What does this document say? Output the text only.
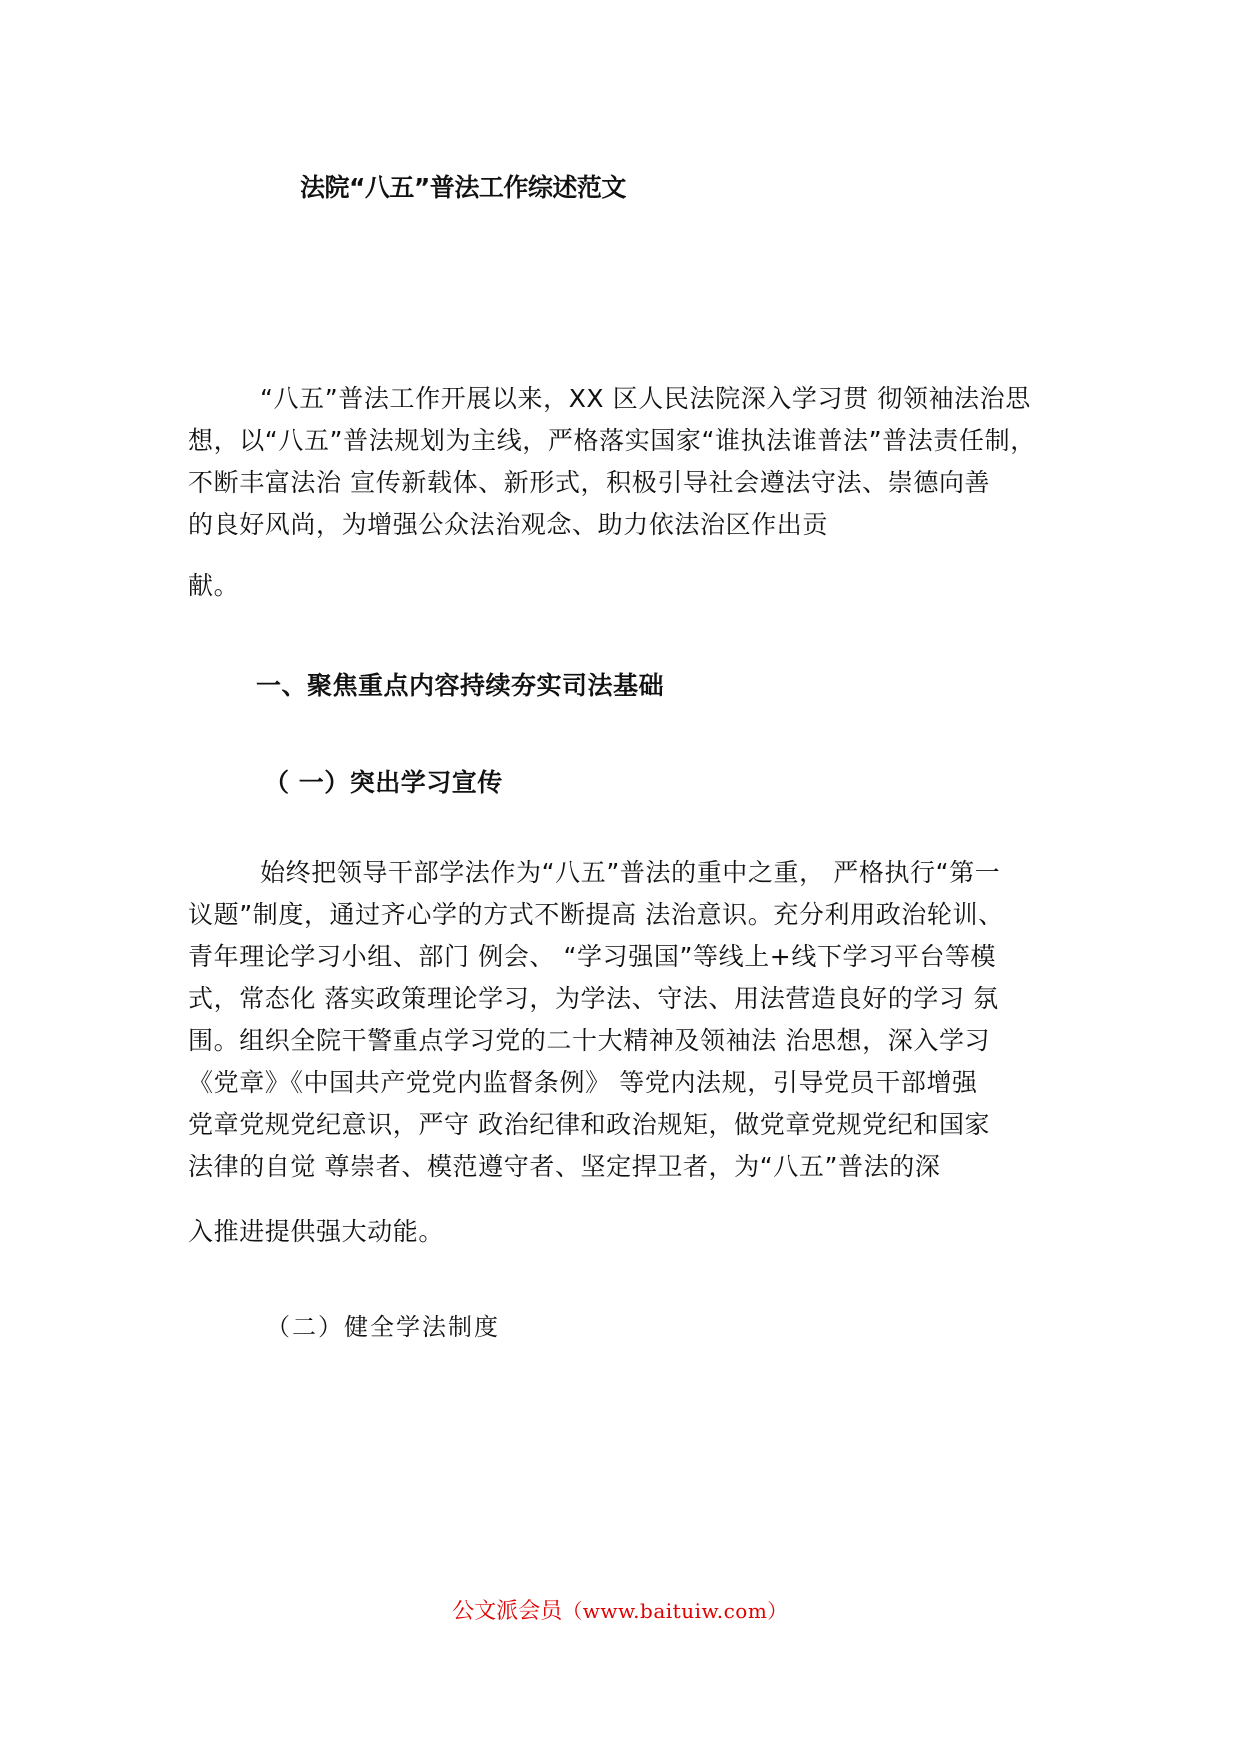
法院“八五”普法工作综述范文
“八五”普法工作开展以来，XX 区人民法院深入学习贯 彻领袖法治思
想，以“八五”普法规划为主线，严格落实国家“谁执法谁普法”普法责任制，
不断丰富法治 宣传新载体、新形式，积极引导社会遵法守法、崇德向善
的良好风尚，为增强公众法治观念、助力依法治区作出贡
献。
一、聚焦重点内容持续夯实司法基础
（ 一）突出学习宣传
始终把领导干部学法作为“八五”普法的重中之重， 严格执行“第一
议题”制度，通过齐心学的方式不断提高 法治意识。充分利用政治轮训、
青年理论学习小组、部门 例会、 “学习强国”等线上+线下学习平台等模
式，常态化 落实政策理论学习，为学法、守法、用法营造良好的学习 氛
围。组织全院干警重点学习党的二十大精神及领袖法 治思想，深入学习
《党章》《中国共产党党内监督条例》 等党内法规，引导党员干部增强
党章党规党纪意识，严守 政治纪律和政治规矩，做党章党规党纪和国家
法律的自觉 尊崇者、模范遵守者、坚定捍卫者，为“八五”普法的深
入推进提供强大动能。
（二）健全学法制度
公文派会员（www.baituiw.com）
